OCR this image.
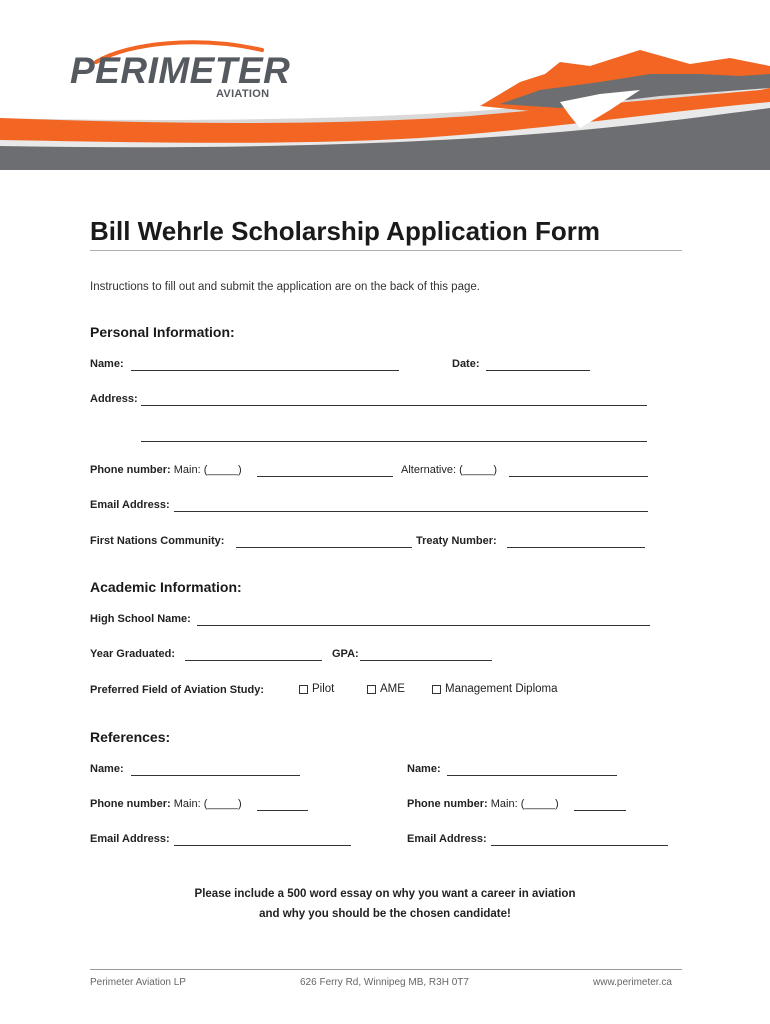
PERIMETER
AVIATION
Bill Wehrle Scholarship Application Form
Instructions to fill out and submit the application are on the back of this page.
Personal Information:
Name:	Date:
Address:
Phone number: Main: (_____)	Alternative: (_____)
Email Address:
First Nations Community:	Treaty Number:
Academic Information:
High School Name:
Year Graduated:	GPA:
Preferred Field of Aviation Study:	Pilot	AME	Management Diploma
References:
Name:	Name:
Phone number: Main: (_____)	Phone number: Main: (_____)
Email Address:	Email Address:
Please include a 500 word essay on why you want a career in aviation
and why you should be the chosen candidate!
Perimeter Aviation LP	626 Ferry Rd, Winnipeg MB, R3H 0T7	www.perimeter.ca
